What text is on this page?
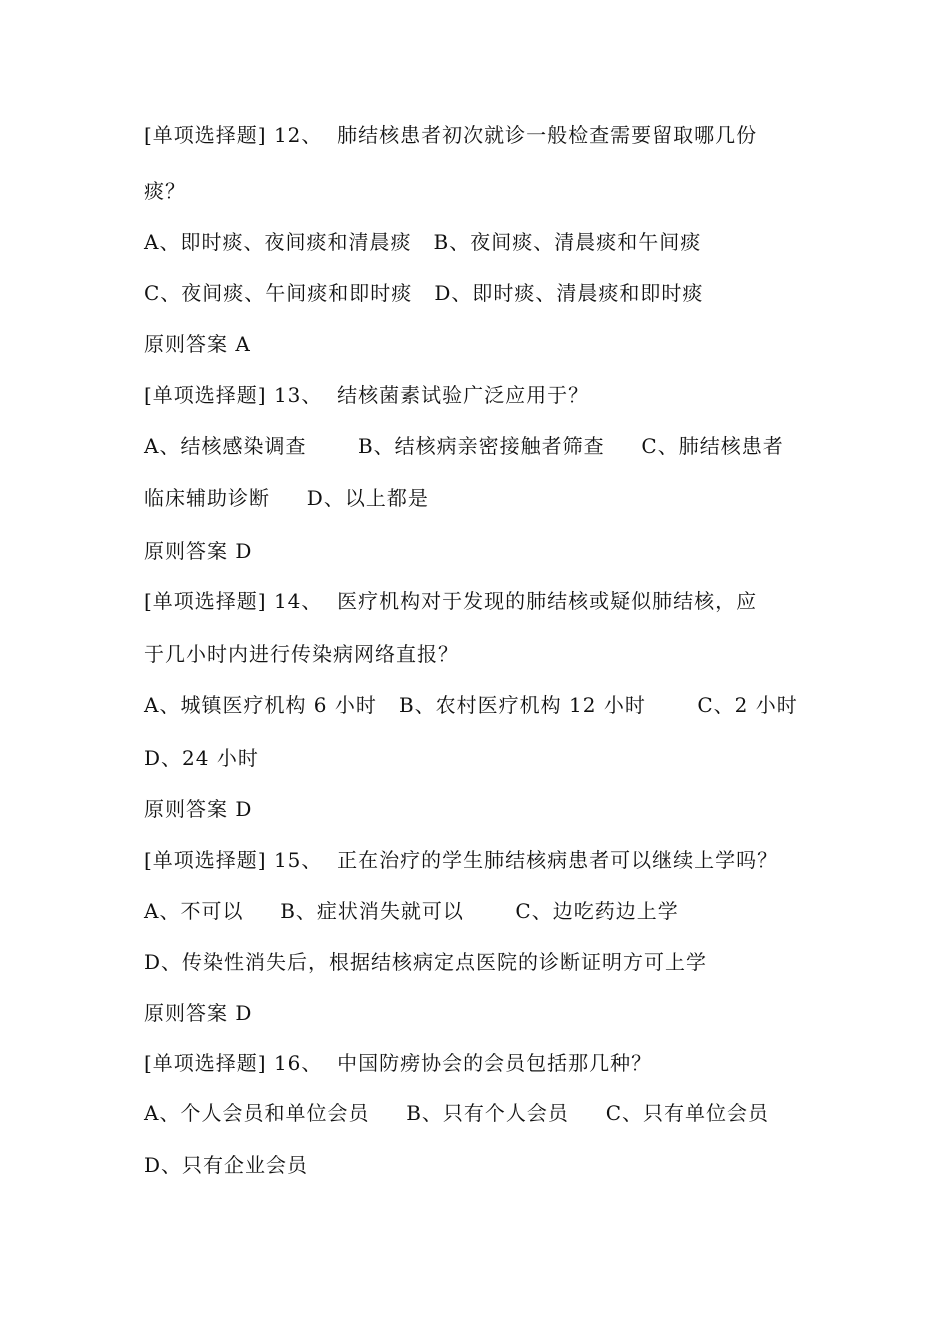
[单项选择题] 12、  肺结核患者初次就诊一般检查需要留取哪几份
痰？
A、即时痰、夜间痰和清晨痰   B、夜间痰、清晨痰和午间痰
C、夜间痰、午间痰和即时痰   D、即时痰、清晨痰和即时痰
原则答案 A
[单项选择题] 13、  结核菌素试验广泛应用于？
A、结核感染调查       B、结核病亲密接触者筛查     C、肺结核患者
临床辅助诊断     D、以上都是
原则答案 D
[单项选择题] 14、  医疗机构对于发现的肺结核或疑似肺结核，应
于几小时内进行传染病网络直报？
A、城镇医疗机构 6 小时   B、农村医疗机构 12 小时       C、2 小时
D、24 小时
原则答案 D
[单项选择题] 15、  正在治疗的学生肺结核病患者可以继续上学吗？
A、不可以     B、症状消失就可以       C、边吃药边上学
D、传染性消失后，根据结核病定点医院的诊断证明方可上学
原则答案 D
[单项选择题] 16、  中国防痨协会的会员包括那几种？
A、个人会员和单位会员     B、只有个人会员     C、只有单位会员
D、只有企业会员
